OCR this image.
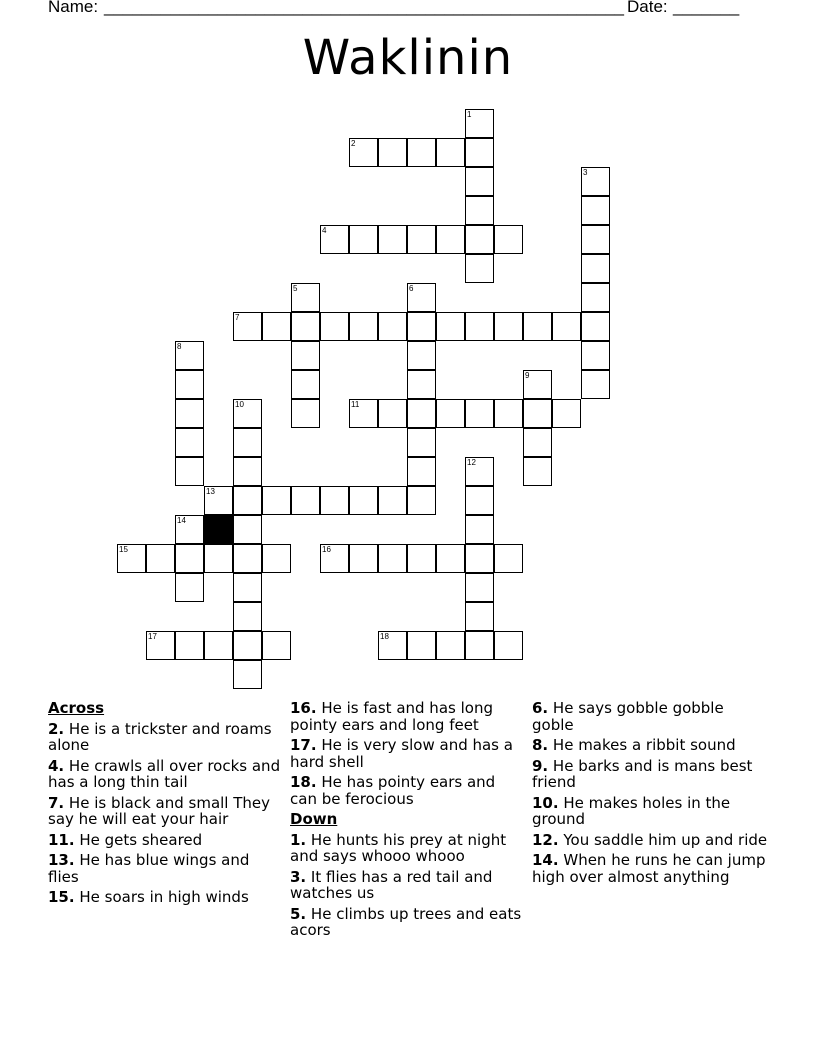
Name: _______________________________________________________ Date: _______
Waklinin
1
2
3
4
5	6
7
8
9
10	11
12
13
14
15	16
17	18
Across
2. He is a trickster and roams alone
4. He crawls all over rocks and has a long thin tail
7. He is black and small They say he will eat your hair
11. He gets sheared
13. He has blue wings and flies
15. He soars in high winds
16. He is fast and has long pointy ears and long feet
17. He is very slow and has a hard shell
18. He has pointy ears and can be ferocious
Down
1. He hunts his prey at night and says whooo whooo
3. It flies has a red tail and watches us
5. He climbs up trees and eats acors
6. He says gobble gobble goble
8. He makes a ribbit sound
9. He barks and is mans best friend
10. He makes holes in the ground
12. You saddle him up and ride
14. When he runs he can jump high over almost anything
